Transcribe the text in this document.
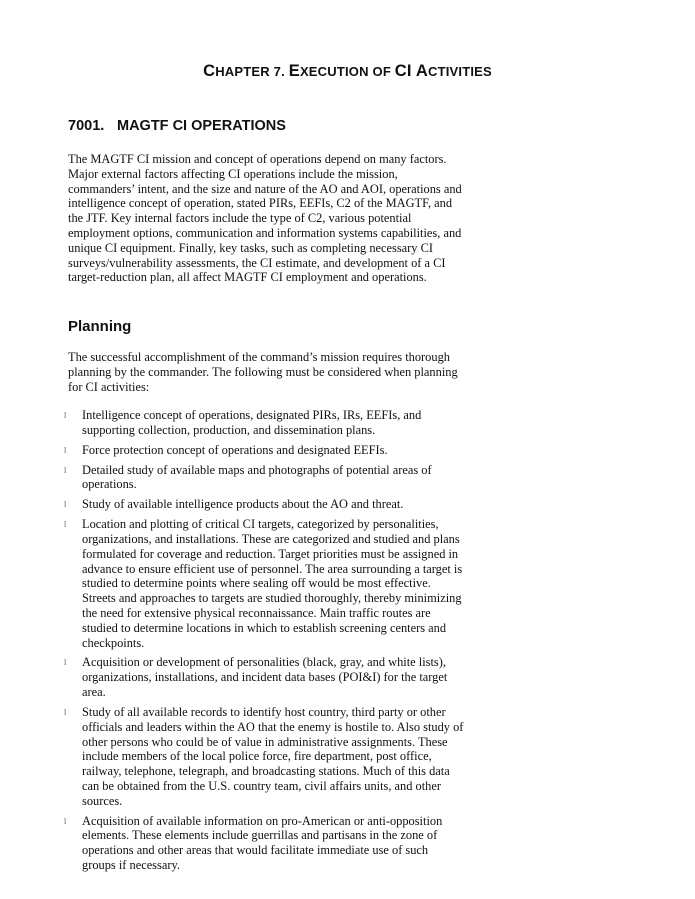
CHAPTER 7. EXECUTION OF CI ACTIVITIES
7001. MAGTF CI OPERATIONS

The MAGTF CI mission and concept of operations depend on many factors. Major external factors affecting CI operations include the mission, commanders’ intent, and the size and nature of the AO and AOI, operations and intelligence concept of operation, stated PIRs, EEFIs, C2 of the MAGTF, and the JTF. Key internal factors include the type of C2, various potential employment options, communication and information systems capabilities, and unique CI equipment. Finally, key tasks, such as completing necessary CI surveys/vulnerability assessments, the CI estimate, and development of a CI target-reduction plan, all affect MAGTF CI employment and operations.

Planning

The successful accomplishment of the command’s mission requires thorough planning by the commander. The following must be considered when planning for CI activities:

l Intelligence concept of operations, designated PIRs, IRs, EEFIs, and supporting collection, production, and dissemination plans.
l Force protection concept of operations and designated EEFIs.
l Detailed study of available maps and photographs of potential areas of operations.
l Study of available intelligence products about the AO and threat.
l Location and plotting of critical CI targets, categorized by personalities, organizations, and installations. These are categorized and studied and plans formulated for coverage and reduction. Target priorities must be assigned in advance to ensure efficient use of personnel. The area surrounding a target is studied to determine points where sealing off would be most effective. Streets and approaches to targets are studied thoroughly, thereby minimizing the need for extensive physical reconnaissance. Main traffic routes are studied to determine locations in which to establish screening centers and checkpoints.
l Acquisition or development of personalities (black, gray, and white lists), organizations, installations, and incident data bases (POI&I) for the target area.
l Study of all available records to identify host country, third party or other officials and leaders within the AO that the enemy is hostile to. Also study of other persons who could be of value in administrative assignments. These include members of the local police force, fire department, post office, railway, telephone, telegraph, and broadcasting stations. Much of this data can be obtained from the U.S. country team, civil affairs units, and other sources.
l Acquisition of available information on pro-American or anti-opposition elements. These elements include guerrillas and partisans in the zone of operations and other areas that would facilitate immediate use of such groups if necessary.
